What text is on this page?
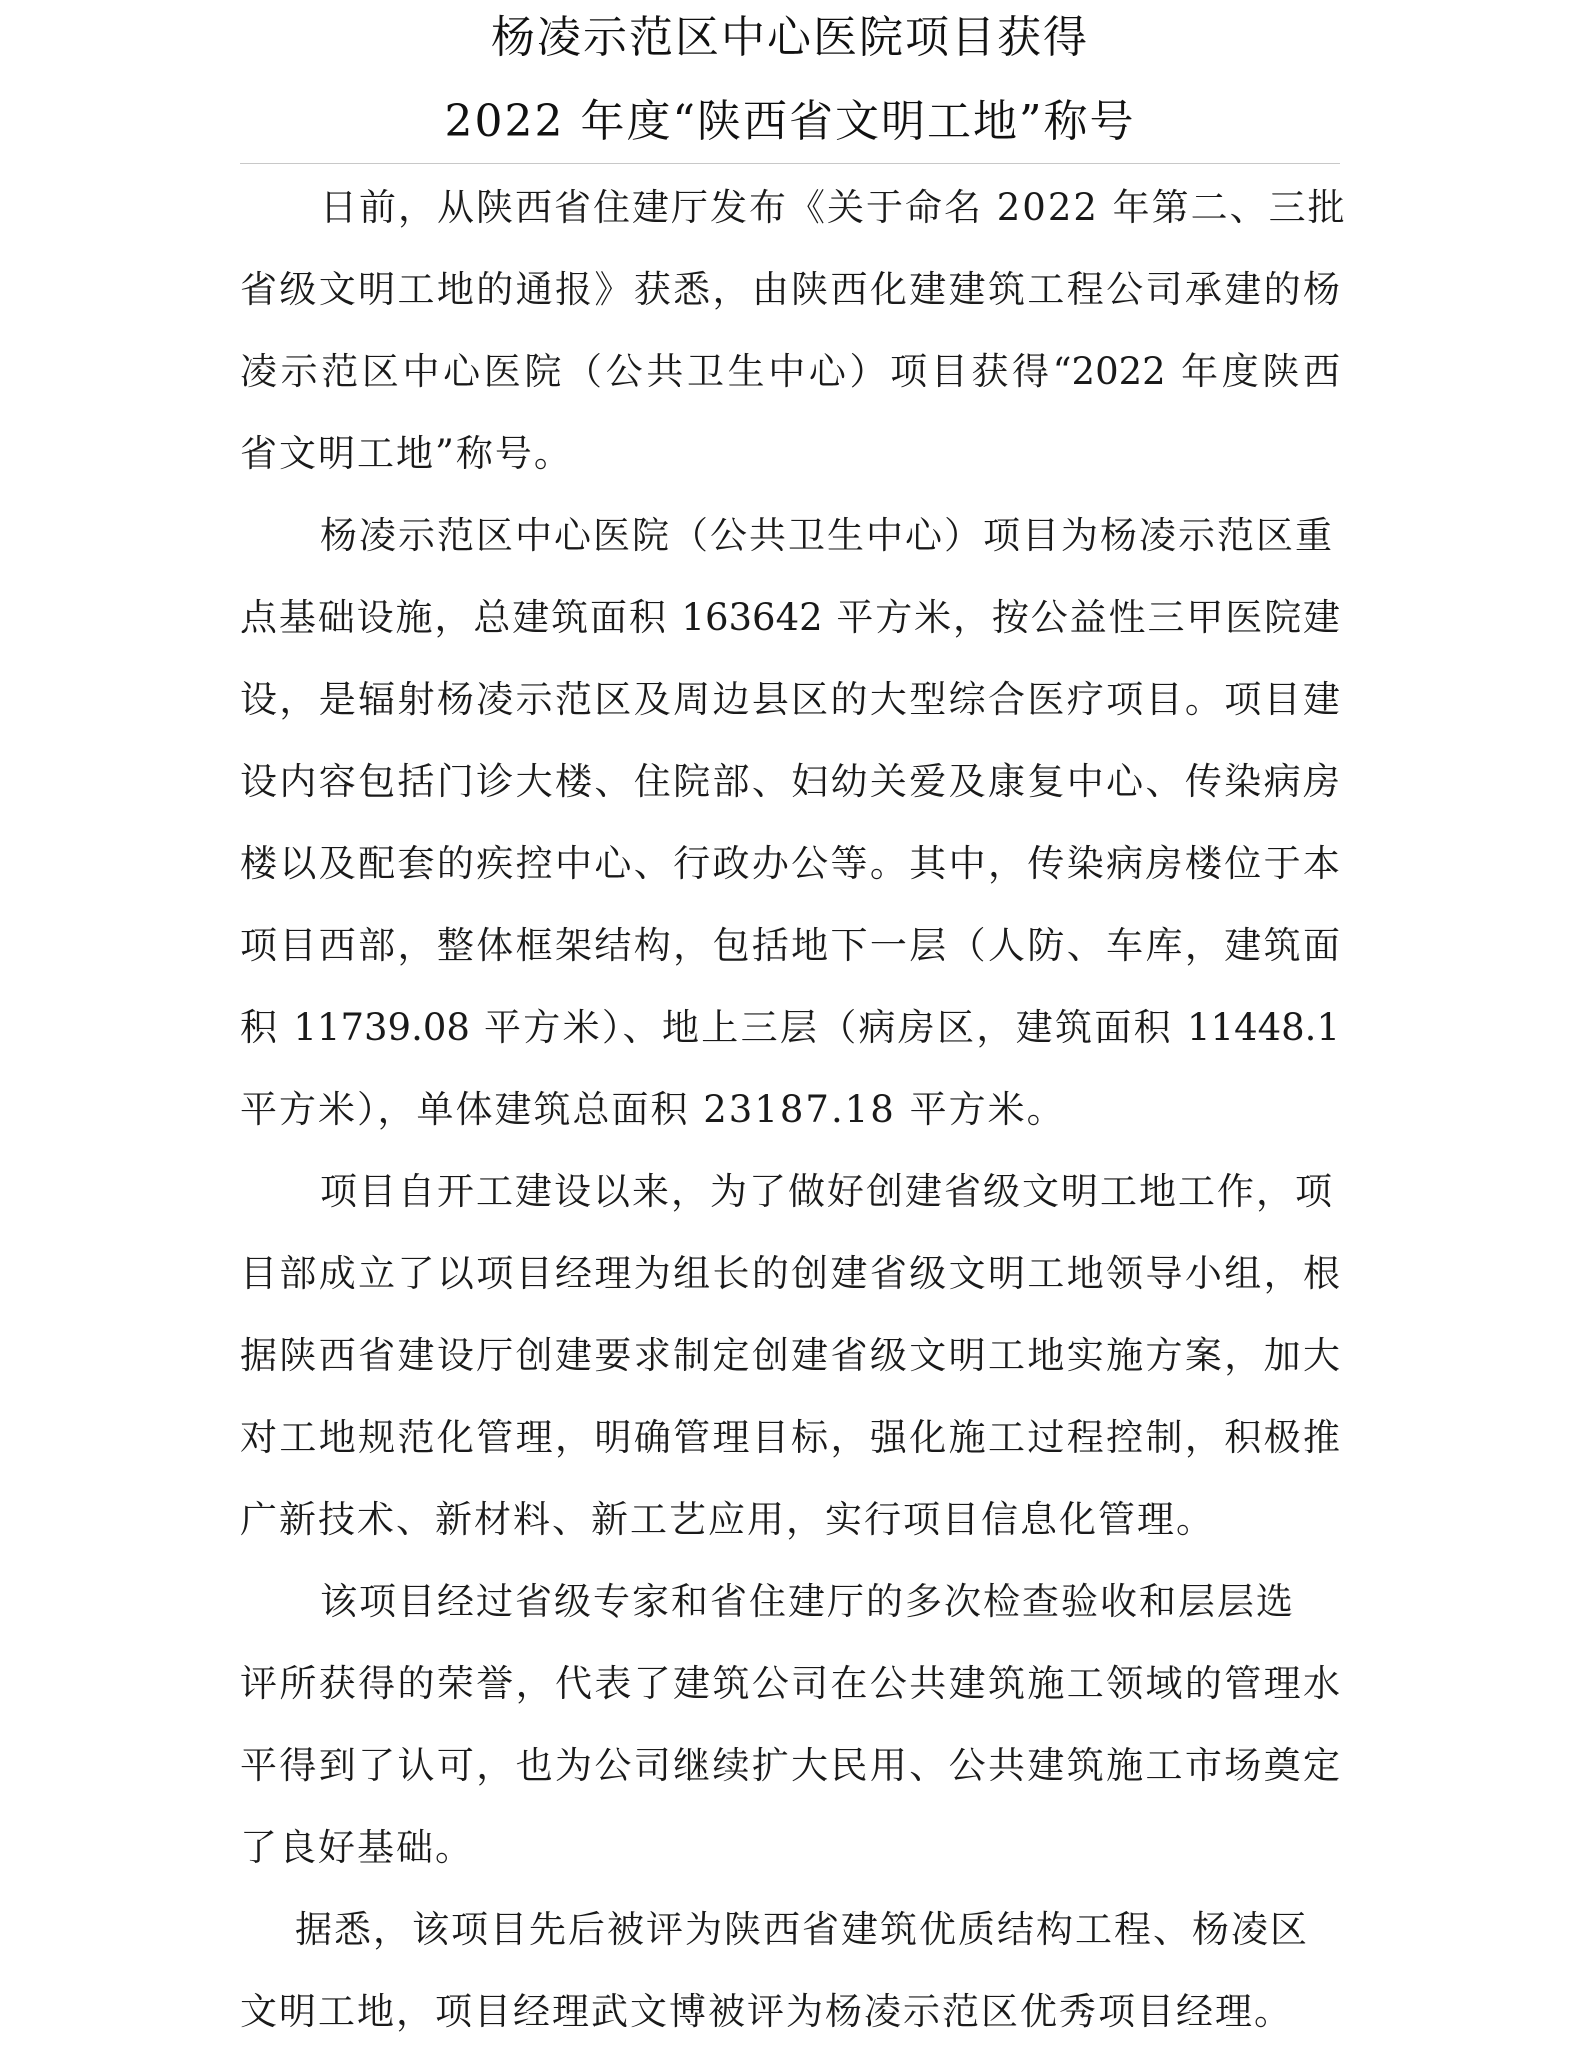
杨凌示范区中心医院项目获得
2022 年度“陕西省文明工地”称号
日前，从陕西省住建厅发布《关于命名 2022 年第二、三批
省级文明工地的通报》获悉，由陕西化建建筑工程公司承建的杨
凌示范区中心医院（公共卫生中心）项目获得“2022 年度陕西
省文明工地”称号。
杨凌示范区中心医院（公共卫生中心）项目为杨凌示范区重
点基础设施，总建筑面积 163642 平方米，按公益性三甲医院建
设，是辐射杨凌示范区及周边县区的大型综合医疗项目。项目建
设内容包括门诊大楼、住院部、妇幼关爱及康复中心、传染病房
楼以及配套的疾控中心、行政办公等。其中，传染病房楼位于本
项目西部，整体框架结构，包括地下一层（人防、车库，建筑面
积 11739.08 平方米）、地上三层（病房区，建筑面积 11448.1
平方米），单体建筑总面积 23187.18 平方米。
项目自开工建设以来，为了做好创建省级文明工地工作，项
目部成立了以项目经理为组长的创建省级文明工地领导小组，根
据陕西省建设厅创建要求制定创建省级文明工地实施方案，加大
对工地规范化管理，明确管理目标，强化施工过程控制，积极推
广新技术、新材料、新工艺应用，实行项目信息化管理。
该项目经过省级专家和省住建厅的多次检查验收和层层选
评所获得的荣誉，代表了建筑公司在公共建筑施工领域的管理水
平得到了认可，也为公司继续扩大民用、公共建筑施工市场奠定
了良好基础。
据悉，该项目先后被评为陕西省建筑优质结构工程、杨凌区
文明工地，项目经理武文博被评为杨凌示范区优秀项目经理。
